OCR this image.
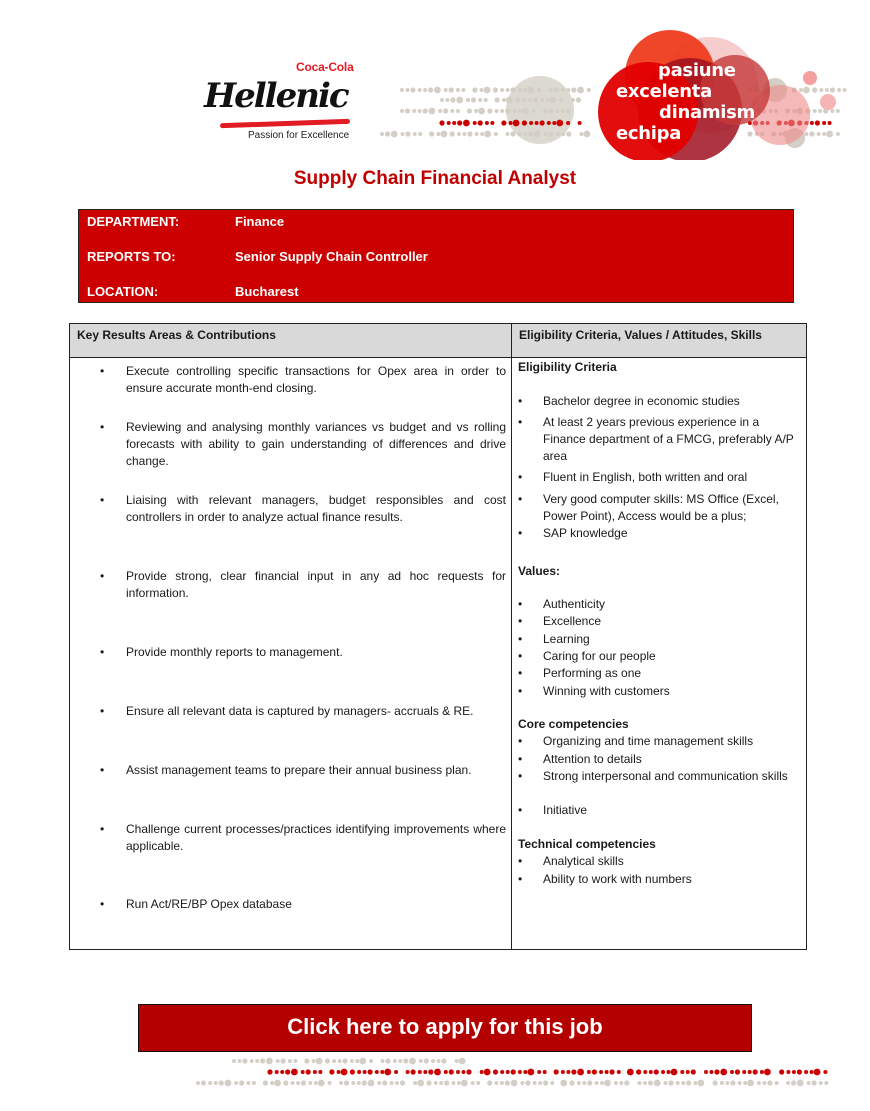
Coca-Cola
Hellenic
Passion for Excellence
pasiune
excelenta
dinamism
echipa
Supply Chain Financial Analyst
DEPARTMENT:	Finance
REPORTS TO:	Senior Supply Chain Controller
LOCATION:	Bucharest
Key Results Areas & Contributions	Eligibility Criteria, Values / Attitudes, Skills
• Execute controlling specific transactions for Opex area in order to ensure accurate month-end closing.
• Reviewing and analysing monthly variances vs budget and vs rolling forecasts with ability to gain understanding of differences and drive change.
• Liaising with relevant managers, budget responsibles and cost controllers in order to analyze actual finance results.
• Provide strong, clear financial input in any ad hoc requests for information.
• Provide monthly reports to management.
• Ensure all relevant data is captured by managers- accruals & RE.
• Assist management teams to prepare their annual business plan.
• Challenge current processes/practices identifying improvements where applicable.
• Run Act/RE/BP Opex database
Eligibility Criteria
• Bachelor degree in economic studies
• At least 2 years previous experience in a Finance department of a FMCG, preferably A/P area
• Fluent in English, both written and oral
• Very good computer skills: MS Office (Excel, Power Point), Access would be a plus;
• SAP knowledge
Values:
• Authenticity
• Excellence
• Learning
• Caring for our people
• Performing as one
• Winning with customers
Core competencies
• Organizing and time management skills
• Attention to details
• Strong interpersonal and communication skills
• Initiative
Technical competencies
• Analytical skills
• Ability to work with numbers
Click here to apply for this job
